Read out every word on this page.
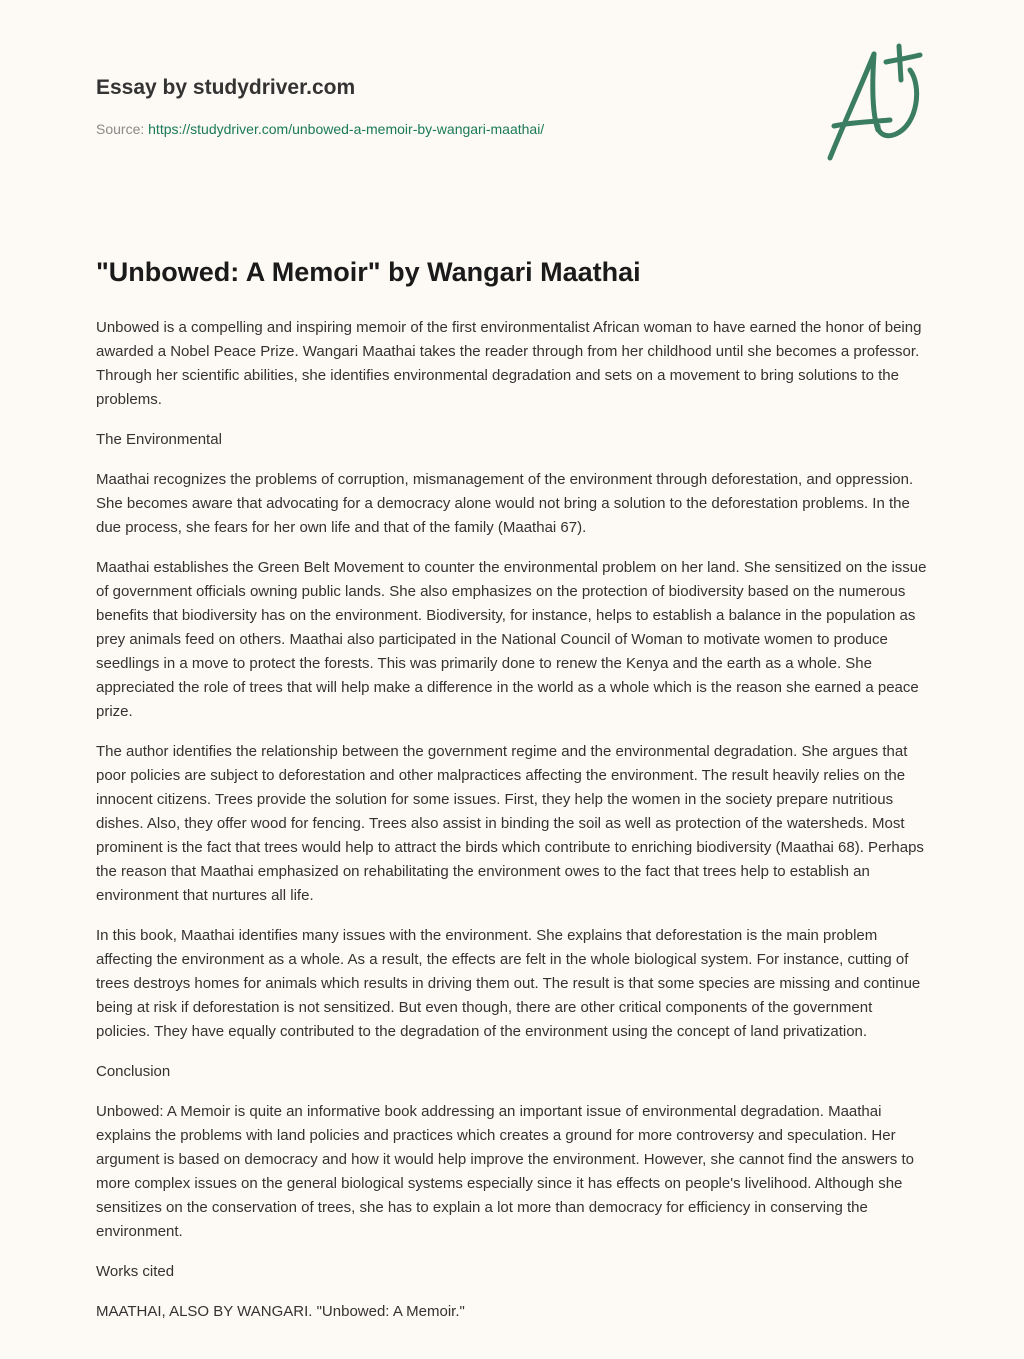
Essay by studydriver.com
Source: https://studydriver.com/unbowed-a-memoir-by-wangari-maathai/
"Unbowed: A Memoir" by Wangari Maathai

Unbowed is a compelling and inspiring memoir of the first environmentalist African woman to have earned the honor of being awarded a Nobel Peace Prize. Wangari Maathai takes the reader through from her childhood until she becomes a professor. Through her scientific abilities, she identifies environmental degradation and sets on a movement to bring solutions to the problems.

The Environmental

Maathai recognizes the problems of corruption, mismanagement of the environment through deforestation, and oppression. She becomes aware that advocating for a democracy alone would not bring a solution to the deforestation problems. In the due process, she fears for her own life and that of the family (Maathai 67).

Maathai establishes the Green Belt Movement to counter the environmental problem on her land. She sensitized on the issue of government officials owning public lands. She also emphasizes on the protection of biodiversity based on the numerous benefits that biodiversity has on the environment. Biodiversity, for instance, helps to establish a balance in the population as prey animals feed on others. Maathai also participated in the National Council of Woman to motivate women to produce seedlings in a move to protect the forests. This was primarily done to renew the Kenya and the earth as a whole. She appreciated the role of trees that will help make a difference in the world as a whole which is the reason she earned a peace prize.

The author identifies the relationship between the government regime and the environmental degradation. She argues that poor policies are subject to deforestation and other malpractices affecting the environment. The result heavily relies on the innocent citizens. Trees provide the solution for some issues. First, they help the women in the society prepare nutritious dishes. Also, they offer wood for fencing. Trees also assist in binding the soil as well as protection of the watersheds. Most prominent is the fact that trees would help to attract the birds which contribute to enriching biodiversity (Maathai 68). Perhaps the reason that Maathai emphasized on rehabilitating the environment owes to the fact that trees help to establish an environment that nurtures all life.

In this book, Maathai identifies many issues with the environment. She explains that deforestation is the main problem affecting the environment as a whole. As a result, the effects are felt in the whole biological system. For instance, cutting of trees destroys homes for animals which results in driving them out. The result is that some species are missing and continue being at risk if deforestation is not sensitized. But even though, there are other critical components of the government policies. They have equally contributed to the degradation of the environment using the concept of land privatization.

Conclusion

Unbowed: A Memoir is quite an informative book addressing an important issue of environmental degradation. Maathai explains the problems with land policies and practices which creates a ground for more controversy and speculation. Her argument is based on democracy and how it would help improve the environment. However, she cannot find the answers to more complex issues on the general biological systems especially since it has effects on people's livelihood. Although she sensitizes on the conservation of trees, she has to explain a lot more than democracy for efficiency in conserving the environment.

Works cited

MAATHAI, ALSO BY WANGARI. "Unbowed: A Memoir."
